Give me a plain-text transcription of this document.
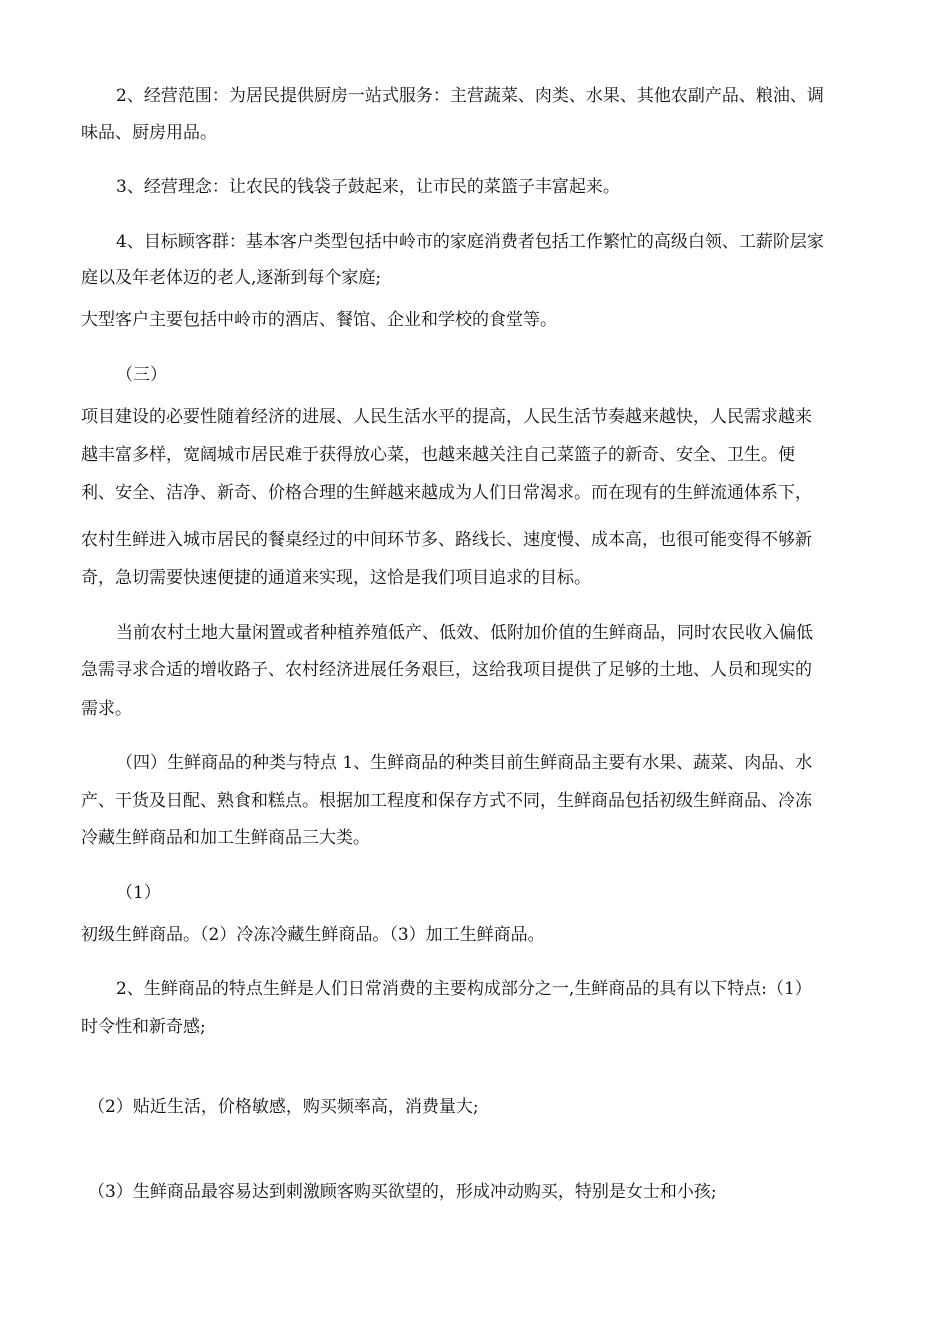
2、经营范围：为居民提供厨房一站式服务：主营蔬菜、肉类、水果、其他农副产品、粮油、调
味品、厨房用品。
3、经营理念：让农民的钱袋子鼓起来，让市民的菜篮子丰富起来。
4、目标顾客群：基本客户类型包括中岭市的家庭消费者包括工作繁忙的高级白领、工薪阶层家
庭以及年老体迈的老人,逐渐到每个家庭;
大型客户主要包括中岭市的酒店、餐馆、企业和学校的食堂等。
（三）
项目建设的必要性随着经济的进展、人民生活水平的提高，人民生活节奏越来越快，人民需求越来
越丰富多样，宽阔城市居民难于获得放心菜，也越来越关注自己菜篮子的新奇、安全、卫生。便
利、安全、洁净、新奇、价格合理的生鲜越来越成为人们日常渴求。而在现有的生鲜流通体系下，
农村生鲜进入城市居民的餐桌经过的中间环节多、路线长、速度慢、成本高，也很可能变得不够新
奇，急切需要快速便捷的通道来实现，这恰是我们项目追求的目标。
当前农村土地大量闲置或者种植养殖低产、低效、低附加价值的生鲜商品，同时农民收入偏低
急需寻求合适的增收路子、农村经济进展任务艰巨，这给我项目提供了足够的土地、人员和现实的
需求。
（四）生鲜商品的种类与特点 1、生鲜商品的种类目前生鲜商品主要有水果、蔬菜、肉品、水
产、干货及日配、熟食和糕点。根据加工程度和保存方式不同，生鲜商品包括初级生鲜商品、冷冻
冷藏生鲜商品和加工生鲜商品三大类。
（1）
初级生鲜商品。（2）冷冻冷藏生鲜商品。（3）加工生鲜商品。
2、生鲜商品的特点生鲜是人们日常消费的主要构成部分之一,生鲜商品的具有以下特点:（1）
时令性和新奇感;
（2）贴近生活，价格敏感，购买频率高，消费量大;
（3）生鲜商品最容易达到刺激顾客购买欲望的，形成冲动购买，特别是女士和小孩;
